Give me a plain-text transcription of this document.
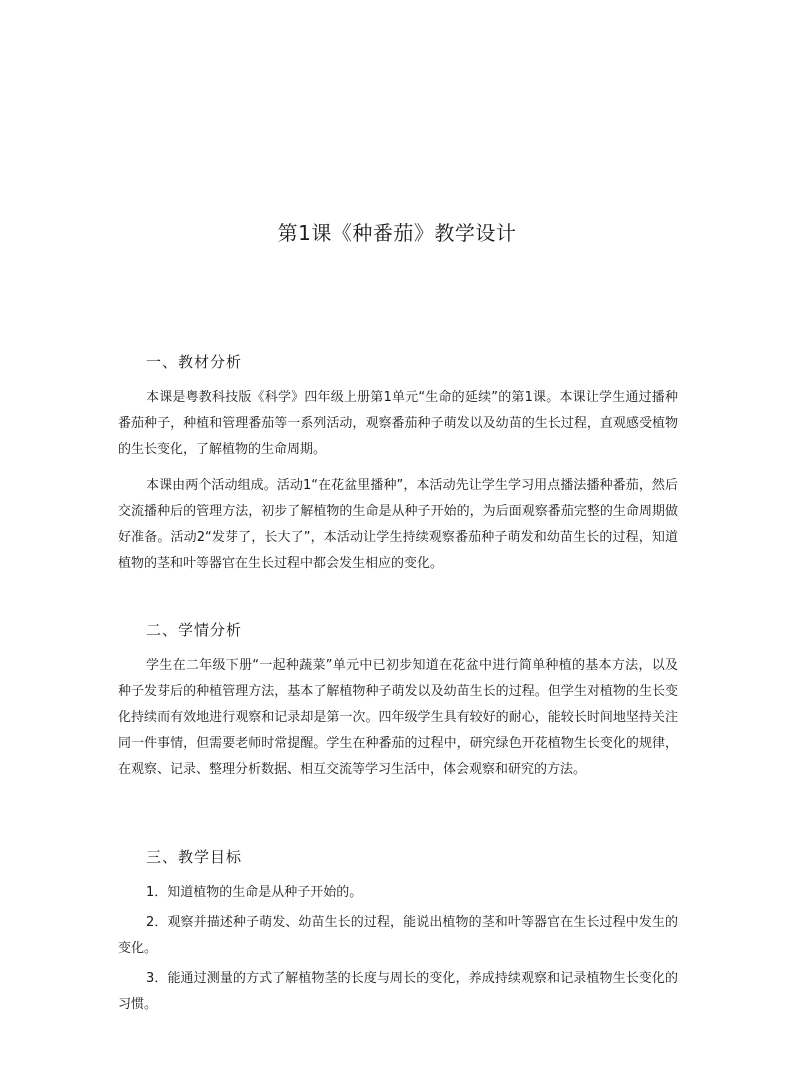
第1课《种番茄》教学设计
一、教材分析

本课是粤教科技版《科学》四年级上册第1单元“生命的延续”的第1课。本课让学生通过播种番茄种子，种植和管理番茄等一系列活动，观察番茄种子萌发以及幼苗的生长过程，直观感受植物的生长变化，了解植物的生命周期。

本课由两个活动组成。活动1“在花盆里播种”，本活动先让学生学习用点播法播种番茄，然后交流播种后的管理方法，初步了解植物的生命是从种子开始的，为后面观察番茄完整的生命周期做好准备。活动2“发芽了，长大了”，本活动让学生持续观察番茄种子萌发和幼苗生长的过程，知道植物的茎和叶等器官在生长过程中都会发生相应的变化。

二、学情分析

学生在二年级下册“一起种蔬菜”单元中已初步知道在花盆中进行简单种植的基本方法，以及种子发芽后的种植管理方法，基本了解植物种子萌发以及幼苗生长的过程。但学生对植物的生长变化持续而有效地进行观察和记录却是第一次。四年级学生具有较好的耐心，能较长时间地坚持关注同一件事情，但需要老师时常提醒。学生在种番茄的过程中，研究绿色开花植物生长变化的规律，在观察、记录、整理分析数据、相互交流等学习生活中，体会观察和研究的方法。

三、教学目标

1．知道植物的生命是从种子开始的。

2．观察并描述种子萌发、幼苗生长的过程，能说出植物的茎和叶等器官在生长过程中发生的变化。

3．能通过测量的方式了解植物茎的长度与周长的变化，养成持续观察和记录植物生长变化的习惯。
